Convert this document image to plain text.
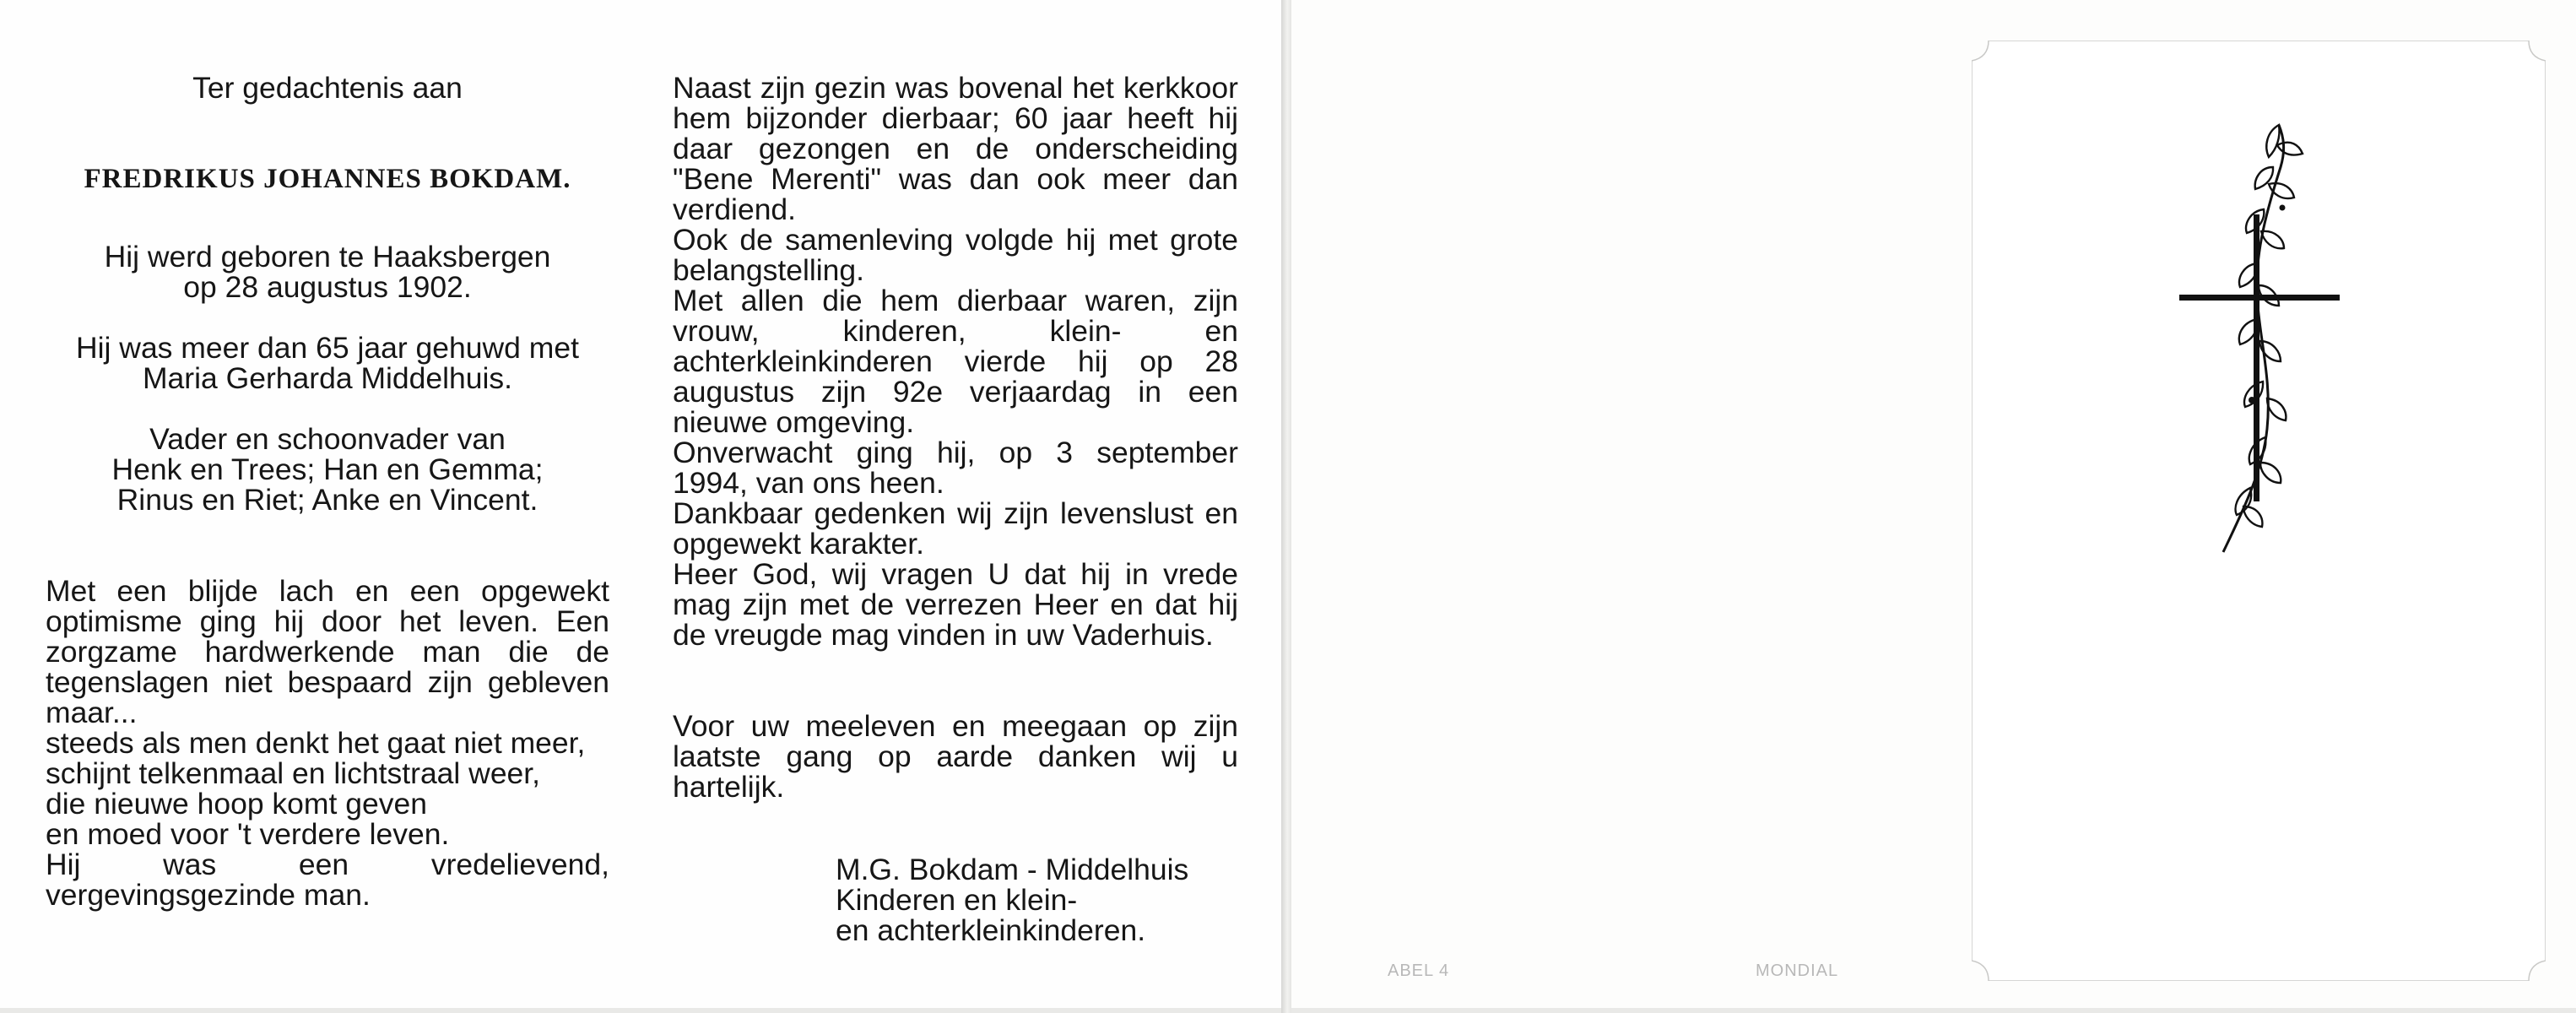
Ter gedachtenis aan

FREDRIKUS JOHANNES BOKDAM.

Hij werd geboren te Haaksbergen

op 28 augustus 1902.

Hij was meer dan 65 jaar gehuwd met

Maria Gerharda Middelhuis.

Vader en schoonvader van

Henk en Trees; Han en Gemma;

Rinus en Riet; Anke en Vincent.

Met een blijde lach en een opgewekt optimisme ging hij door het leven. Een zorgzame hardwerkende man die de tegenslagen niet bespaard zijn gebleven maar...

steeds als men denkt het gaat niet meer,

schijnt telkenmaal en lichtstraal weer,

die nieuwe hoop komt geven

en moed voor 't verdere leven.

Hij was een vredelievend, vergevingsgezinde man.

Naast zijn gezin was bovenal het kerkkoor hem bijzonder dierbaar; 60 jaar heeft hij daar gezongen en de onderscheiding "Bene Merenti" was dan ook meer dan verdiend.

Ook de samenleving volgde hij met grote belangstelling.

Met allen die hem dierbaar waren, zijn vrouw, kinderen, klein- en achterkleinkinderen vierde hij op 28 augustus zijn 92e verjaardag in een nieuwe omgeving.

Onverwacht ging hij, op 3 september 1994, van ons heen.

Dankbaar gedenken wij zijn levenslust en opgewekt karakter.

Heer God, wij vragen U dat hij in vrede mag zijn met de verrezen Heer en dat hij de vreugde mag vinden in uw Vaderhuis.

Voor uw meeleven en meegaan op zijn laatste gang op aarde danken wij u hartelijk.

M.G. Bokdam - Middelhuis
Kinderen en klein-
en achterkleinkinderen.
ABEL 4	MONDIAL
